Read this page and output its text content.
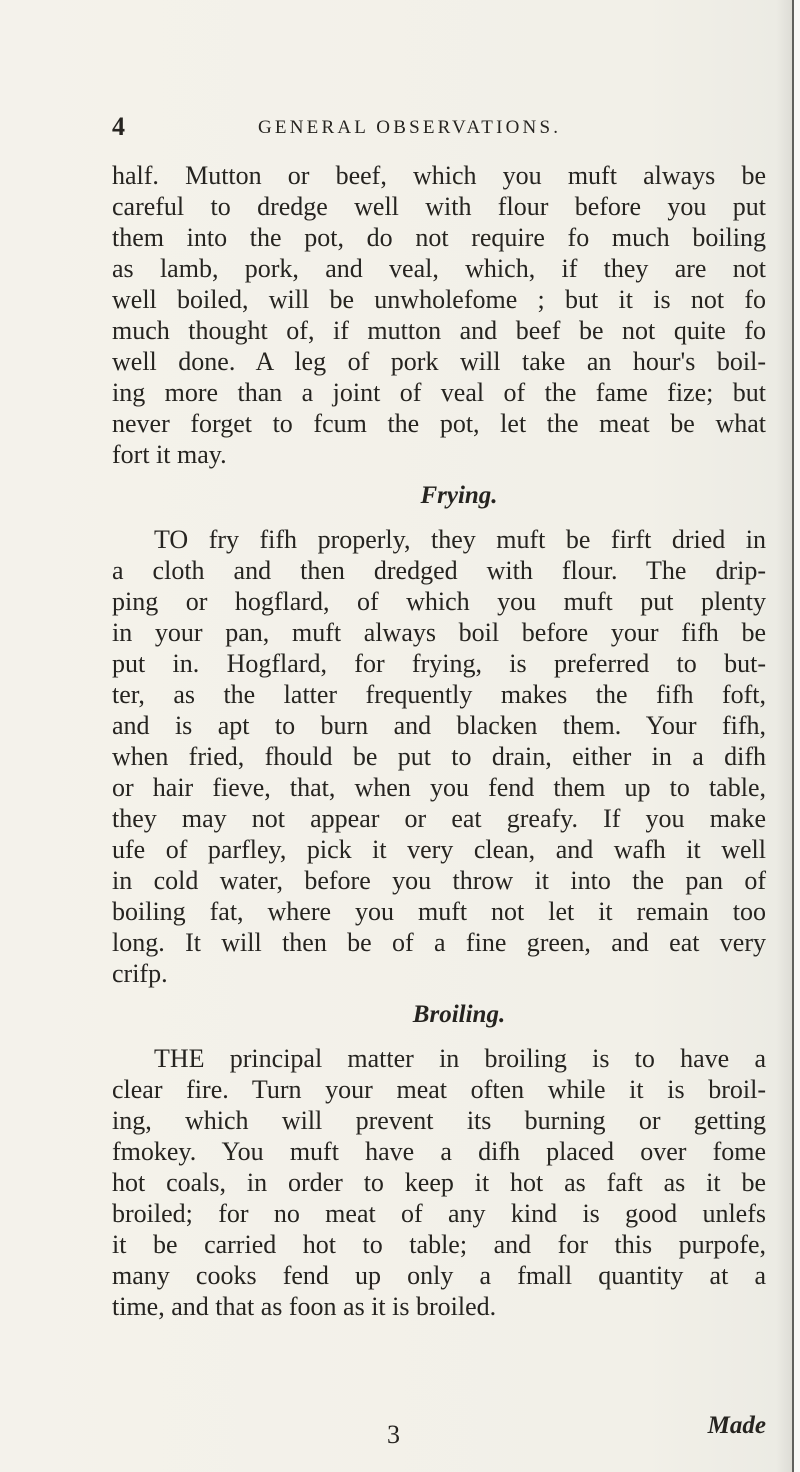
4	GENERAL OBSERVATIONS.
half. Mutton or beef, which you muft always be
careful to dredge well with flour before you put
them into the pot, do not require fo much boiling
as lamb, pork, and veal, which, if they are not
well boiled, will be unwholefome ; but it is not fo
much thought of, if mutton and beef be not quite fo
well done. A leg of pork will take an hour's boil-
ing more than a joint of veal of the fame fize; but
never forget to fcum the pot, let the meat be what
fort it may.
Frying.
TO fry fifh properly, they muft be firft dried in
a cloth and then dredged with flour. The drip-
ping or hogflard, of which you muft put plenty
in your pan, muft always boil before your fifh be
put in. Hogflard, for frying, is preferred to but-
ter, as the latter frequently makes the fifh foft,
and is apt to burn and blacken them. Your fifh,
when fried, fhould be put to drain, either in a difh
or hair fieve, that, when you fend them up to table,
they may not appear or eat greafy. If you make
ufe of parfley, pick it very clean, and wafh it well
in cold water, before you throw it into the pan of
boiling fat, where you muft not let it remain too
long. It will then be of a fine green, and eat very
crifp.
Broiling.
THE principal matter in broiling is to have a
clear fire. Turn your meat often while it is broil-
ing, which will prevent its burning or getting
fmokey. You muft have a difh placed over fome
hot coals, in order to keep it hot as faft as it be
broiled; for no meat of any kind is good unlefs
it be carried hot to table; and for this purpofe,
many cooks fend up only a fmall quantity at a
time, and that as foon as it is broiled.
3	Made
